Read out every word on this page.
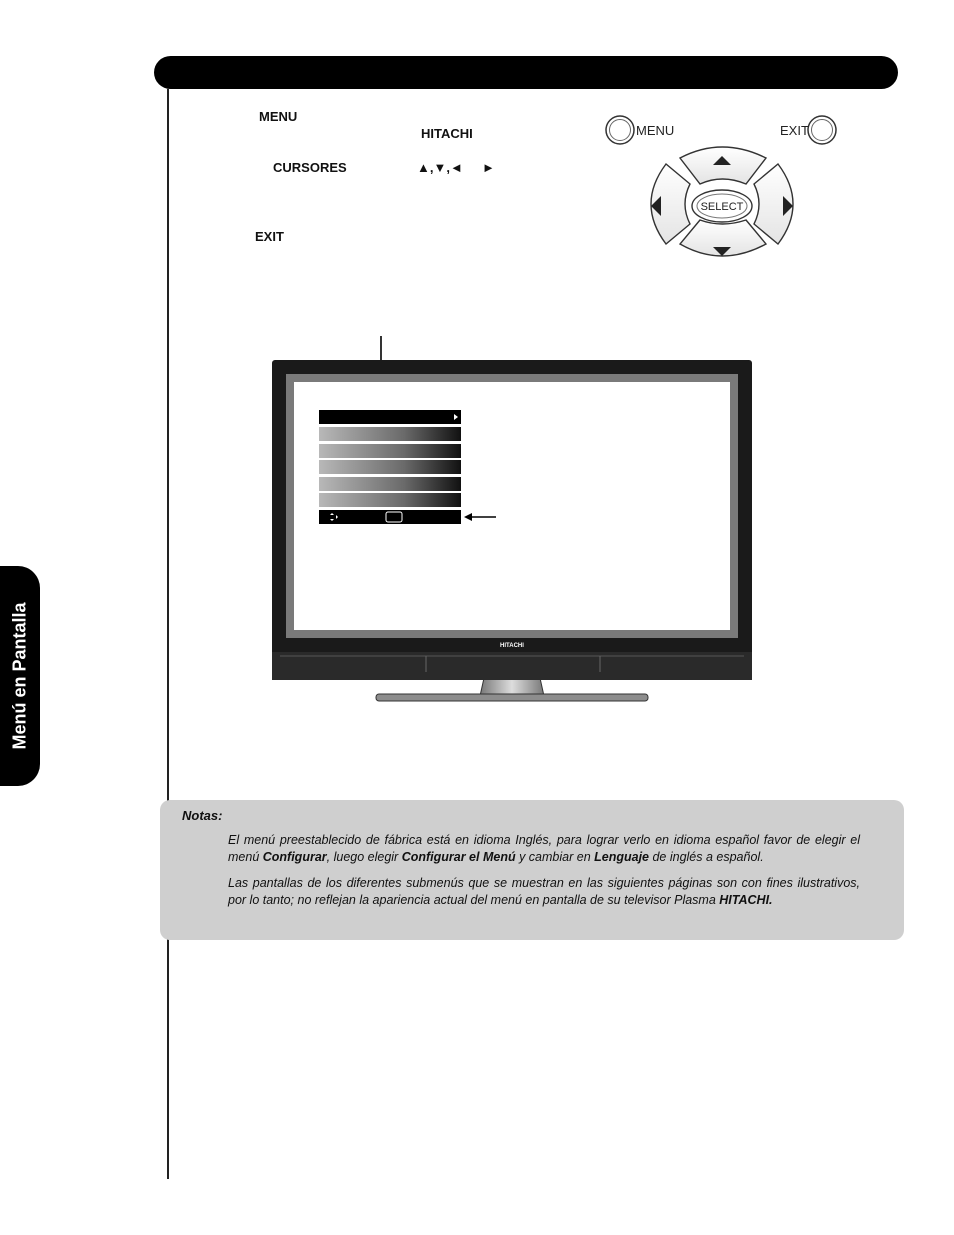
Menú en Pantalla
MENU
HITACHI
CURSORES	▲,▼,◄ ►
EXIT
MENU	EXIT
SELECT
HITACHI
Notas:

El menú preestablecido de fábrica está en idioma Inglés, para lograr verlo en idioma español favor de elegir el menú Configurar, luego elegir Configurar el Menú y cambiar en Lenguaje de inglés a español.

Las pantallas de los diferentes submenús que se muestran en las siguientes páginas son con fines ilustrativos, por lo tanto; no reflejan la apariencia actual del menú en pantalla de su televisor Plasma HITACHI.
